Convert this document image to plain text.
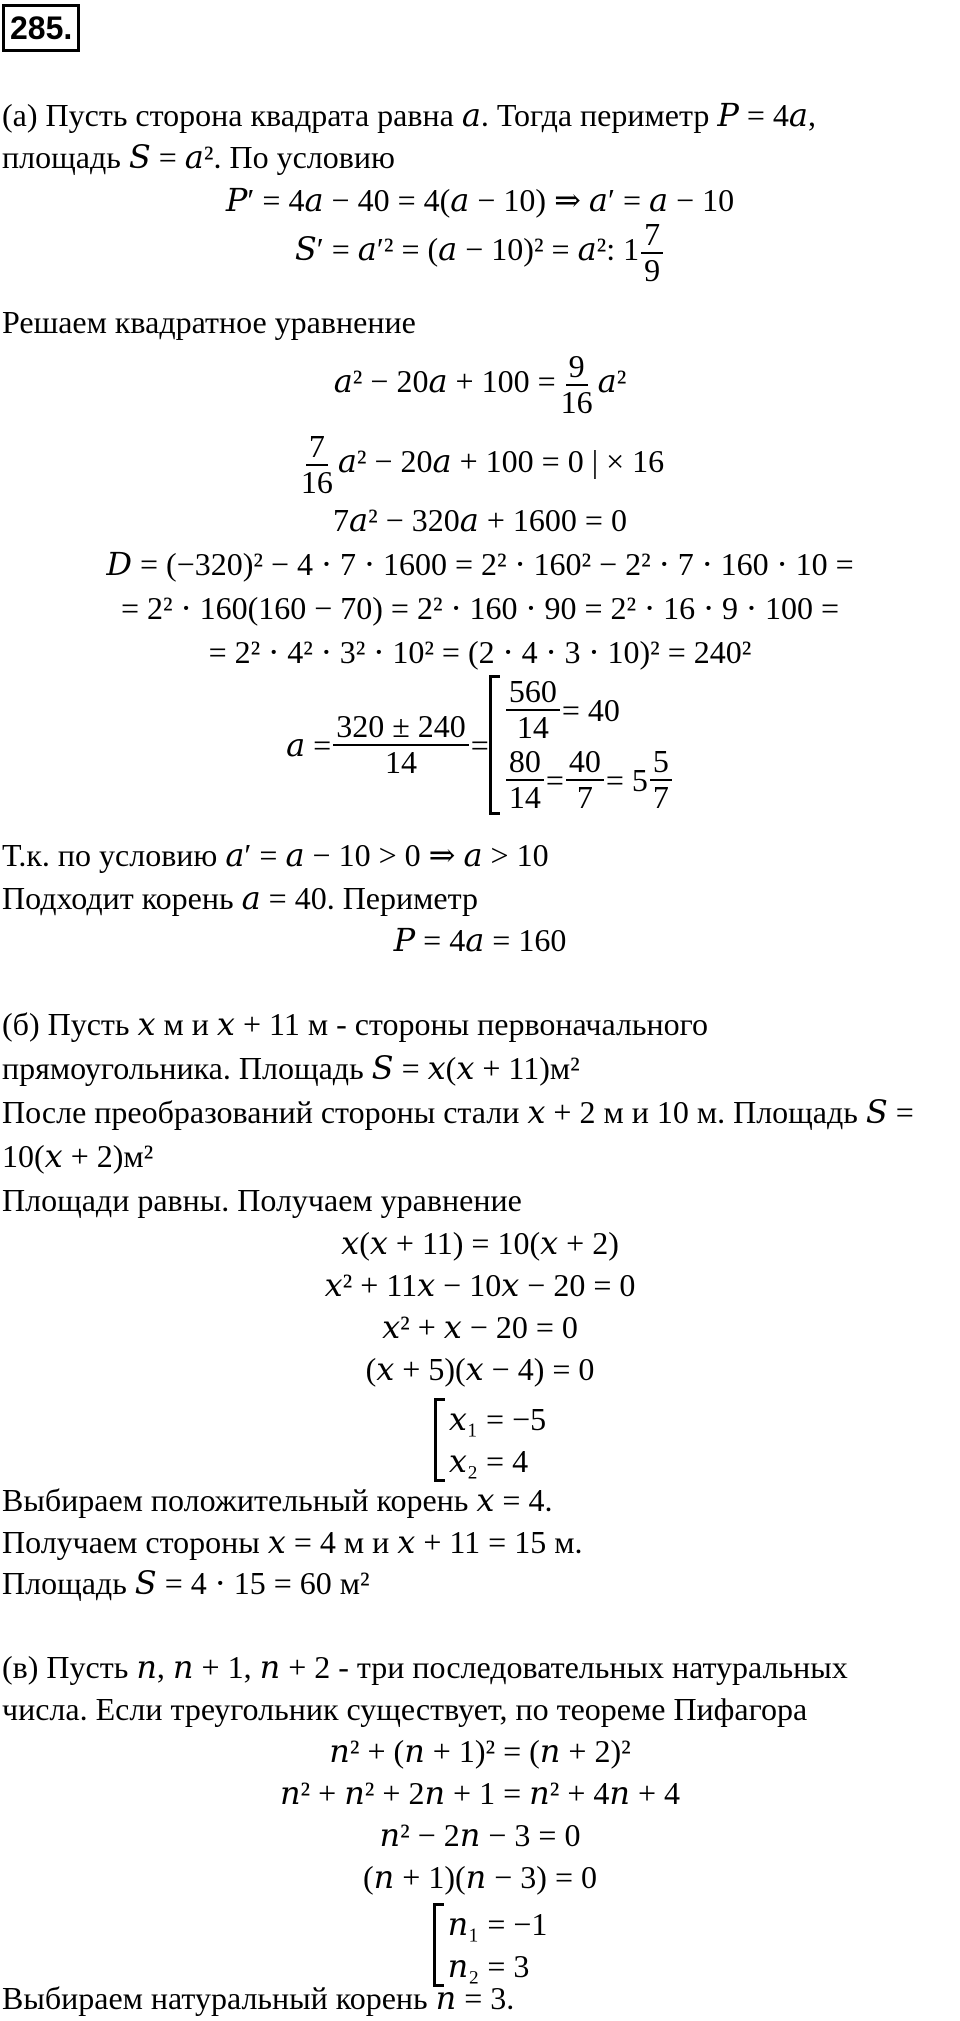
285.
(а) Пусть сторона квадрата равна 𝑎. Тогда периметр 𝑃 = 4𝑎,
площадь 𝑆 = 𝑎². По условию
𝑃′ = 4𝑎 − 40 = 4(𝑎 − 10) ⇒ 𝑎′ = 𝑎 − 10
𝑆′ = 𝑎′² = (𝑎 − 10)² = 𝑎²: $1 \frac{7}{9}$
Решаем квадратное уравнение
𝑎² − 20𝑎 + $100 = \frac{9}{16}$ 𝑎²
$\frac{7}{16}$ 𝑎² − 20𝑎 + 100 = 0 | × 16
7𝑎² − 320𝑎 + 1600 = 0
𝐷 = (−320)² − 4 ⋅ 7 ⋅ 1600 = 2² ⋅ 160² − 2² ⋅ 7 ⋅ 160 ⋅ 10 =
= 2² ⋅ 160(160 − 70) = 2² ⋅ 160 ⋅ 90 = 2² ⋅ 16 ⋅ 9 ⋅ 100 =
= 2² ⋅ 4² ⋅ 3² ⋅ 10² = (2 ⋅ 4 ⋅ 3 ⋅ 10)² = 240²
𝑎 = $\frac{320 \pm 240}{14}$ =
$\frac{560}{14} = 40$
$\frac{80}{14} = \frac{40}{7} = 5 \frac{5}{7}$
Т.к. по условию 𝑎′ = 𝑎 − 10 > 0 ⇒ 𝑎 > 10
Подходит корень 𝑎 = 40. Периметр
𝑃 = 4𝑎 = 160
(б) Пусть 𝑥 м и 𝑥 + 11 м - стороны первоначального
прямоугольника. Площадь 𝑆 = 𝑥(𝑥 + 11)м²
После преобразований стороны стали 𝑥 + 2 м и 10 м. Площадь 𝑆 =
10(𝑥 + 2)м²
Площади равны. Получаем уравнение
𝑥(𝑥 + 11) = 10(𝑥 + 2)
𝑥² + 11𝑥 − 10𝑥 − 20 = 0
𝑥² + 𝑥 − 20 = 0
(𝑥 + 5)(𝑥 − 4) = 0
𝑥₁ = −5
𝑥₂ = 4
Выбираем положительный корень 𝑥 = 4.
Получаем стороны 𝑥 = 4 м и 𝑥 + 11 = 15 м.
Площадь 𝑆 = 4 ⋅ 15 = 60 м²
(в) Пусть 𝑛, 𝑛 + 1, 𝑛 + 2 - три последовательных натуральных
числа. Если треугольник существует, по теореме Пифагора
𝑛² + (𝑛 + 1)² = (𝑛 + 2)²
𝑛² + 𝑛² + 2𝑛 + 1 = 𝑛² + 4𝑛 + 4
𝑛² − 2𝑛 − 3 = 0
(𝑛 + 1)(𝑛 − 3) = 0
𝑛₁ = −1
𝑛₂ = 3
Выбираем натуральный корень 𝑛 = 3.
